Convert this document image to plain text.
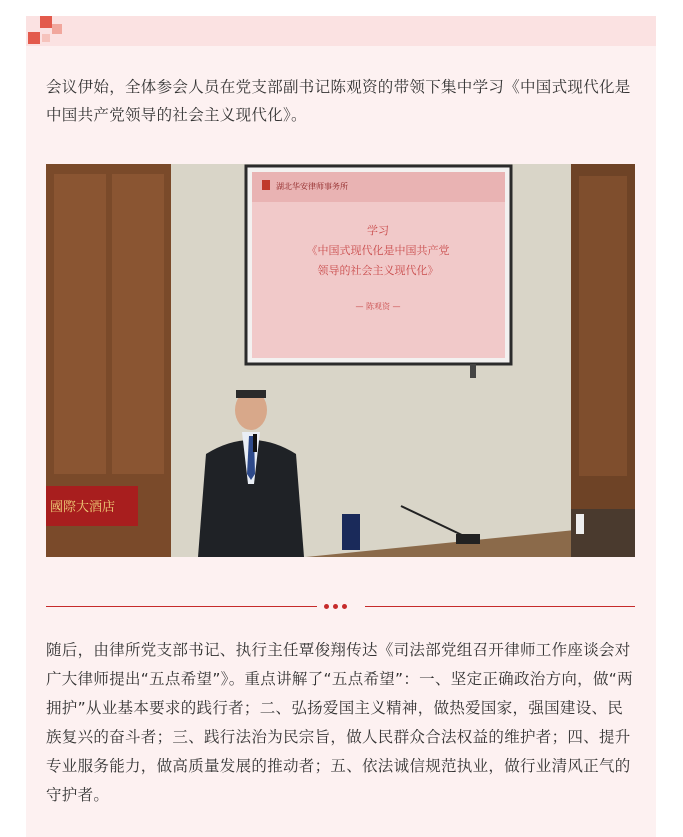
会议伊始，全体参会人员在党支部副书记陈观资的带领下集中学习《中国式现代化是中国共产党领导的社会主义现代化》。

湖北华安律师事务所
学习
《中国式现代化是中国共产党
领导的社会主义现代化》
— 陈观资 —
國際大酒店

随后，由律所党支部书记、执行主任覃俊翔传达《司法部党组召开律师工作座谈会对广大律师提出“五点希望”》。重点讲解了“五点希望”：一、坚定正确政治方向，做“两拥护”从业基本要求的践行者；二、弘扬爱国主义精神，做热爱国家，强国建设、民族复兴的奋斗者；三、践行法治为民宗旨，做人民群众合法权益的维护者；四、提升专业服务能力，做高质量发展的推动者；五、依法诚信规范执业，做行业清风正气的守护者。
